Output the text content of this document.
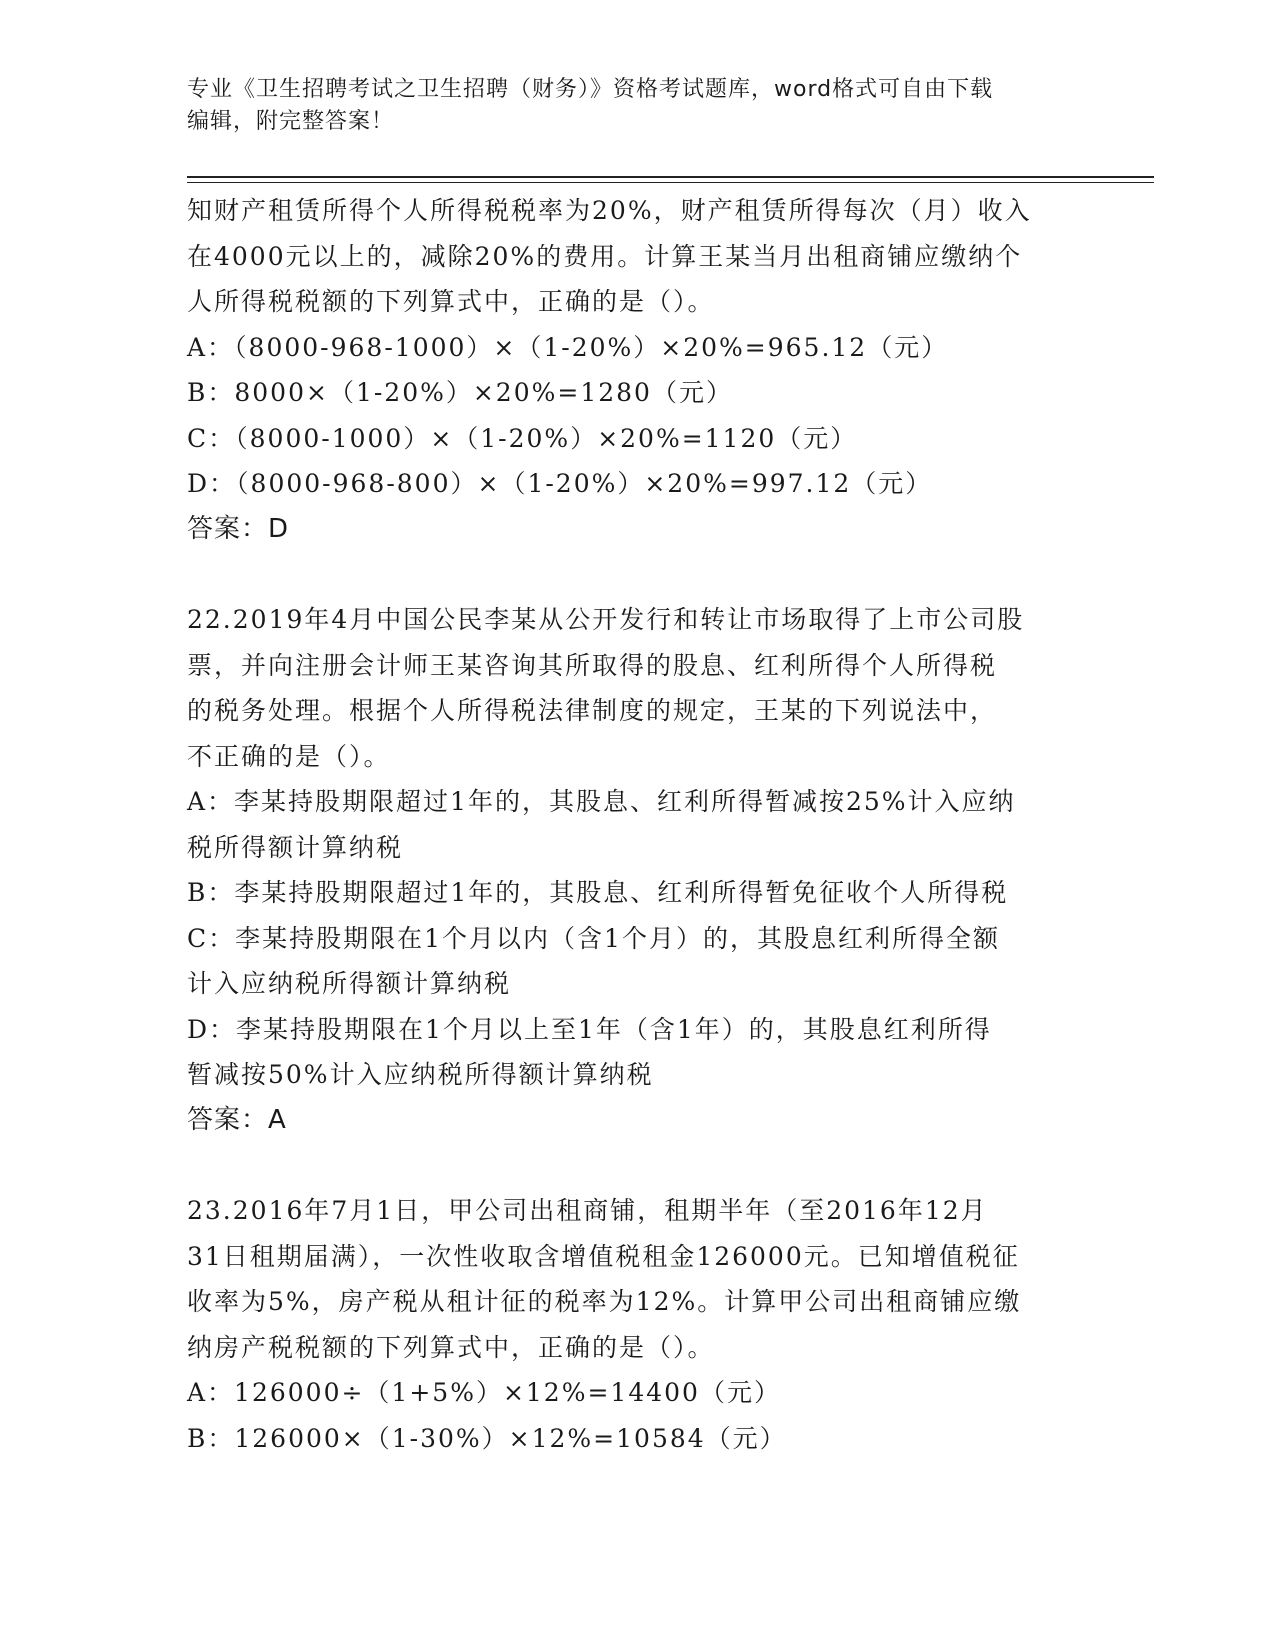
专业《卫生招聘考试之卫生招聘（财务）》资格考试题库，word格式可自由下载
编辑，附完整答案！
知财产租赁所得个人所得税税率为20%，财产租赁所得每次（月）收入
在4000元以上的，减除20%的费用。计算王某当月出租商铺应缴纳个
人所得税税额的下列算式中，正确的是（）。
A：（8000-968-1000）×（1-20%）×20%=965.12（元）
B：8000×（1-20%）×20%=1280（元）
C：（8000-1000）×（1-20%）×20%=1120（元）
D：（8000-968-800）×（1-20%）×20%=997.12（元）
答案：D
22.2019年4月中国公民李某从公开发行和转让市场取得了上市公司股
票，并向注册会计师王某咨询其所取得的股息、红利所得个人所得税
的税务处理。根据个人所得税法律制度的规定，王某的下列说法中，
不正确的是（）。
A：李某持股期限超过1年的，其股息、红利所得暂减按25%计入应纳
税所得额计算纳税
B：李某持股期限超过1年的，其股息、红利所得暂免征收个人所得税
C：李某持股期限在1个月以内（含1个月）的，其股息红利所得全额
计入应纳税所得额计算纳税
D：李某持股期限在1个月以上至1年（含1年）的，其股息红利所得
暂减按50%计入应纳税所得额计算纳税
答案：A
23.2016年7月1日，甲公司出租商铺，租期半年（至2016年12月
31日租期届满），一次性收取含增值税租金126000元。已知增值税征
收率为5%，房产税从租计征的税率为12%。计算甲公司出租商铺应缴
纳房产税税额的下列算式中，正确的是（）。
A：126000÷（1+5%）×12%=14400（元）
B：126000×（1-30%）×12%=10584（元）
